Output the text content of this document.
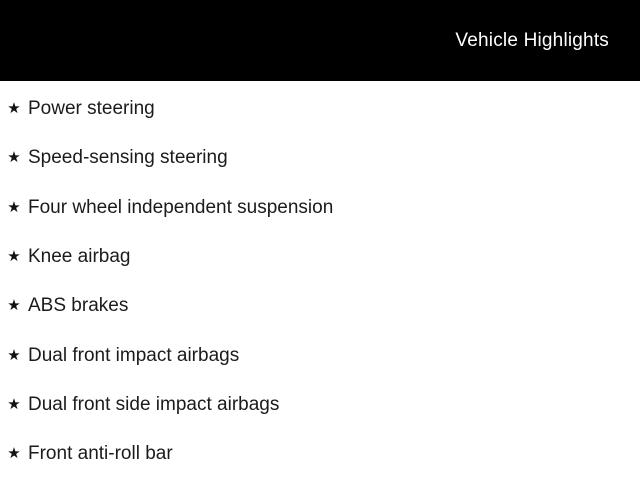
Vehicle Highlights
★ Power steering
★ Speed-sensing steering
★ Four wheel independent suspension
★ Knee airbag
★ ABS brakes
★ Dual front impact airbags
★ Dual front side impact airbags
★ Front anti-roll bar
